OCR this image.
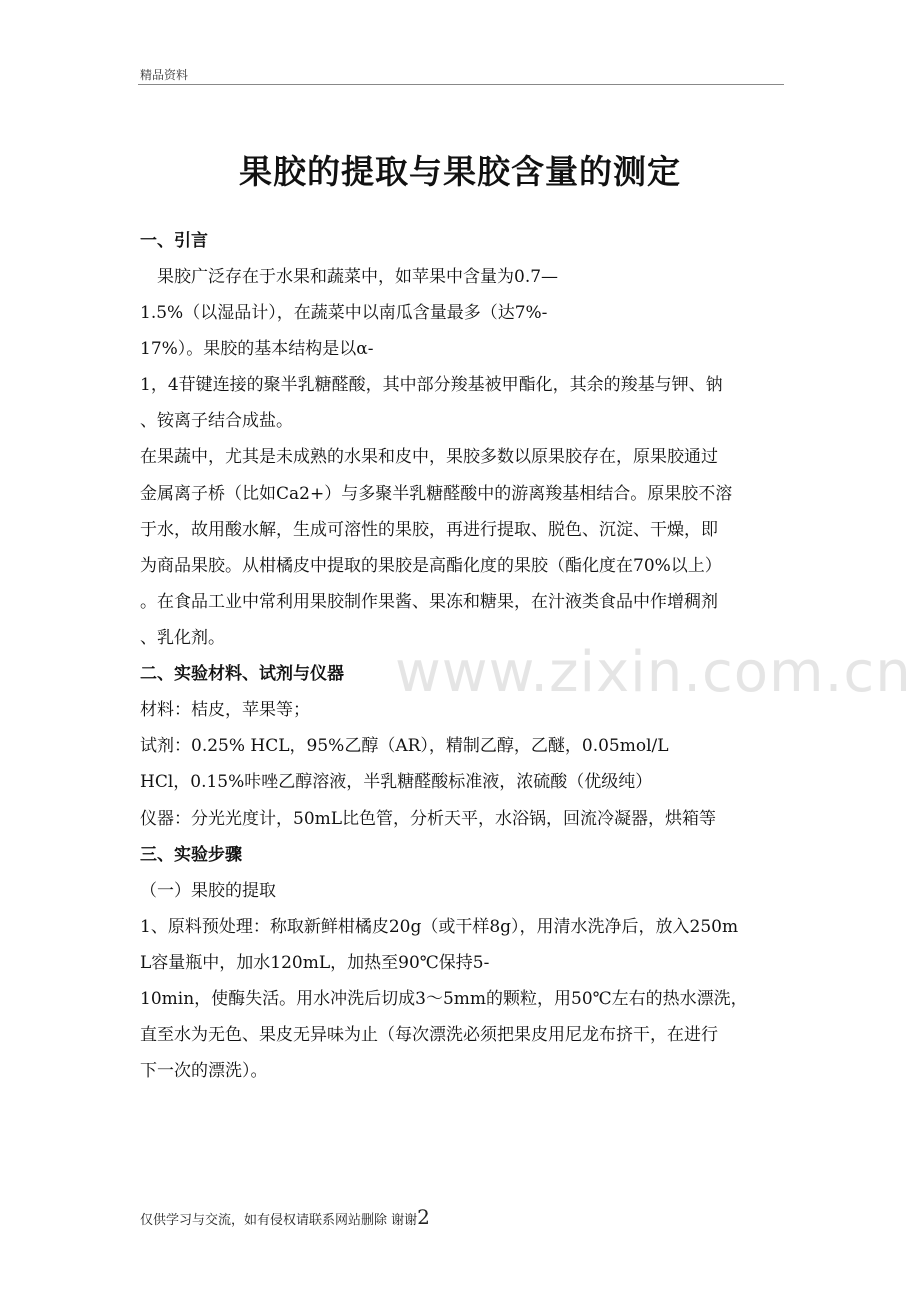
精品资料
果胶的提取与果胶含量的测定
一、引言
　果胶广泛存在于水果和蔬菜中，如苹果中含量为0.7—
1.5%（以湿品计），在蔬菜中以南瓜含量最多（达7%-
17%）。果胶的基本结构是以α-
1，4苷键连接的聚半乳糖醛酸，其中部分羧基被甲酯化，其余的羧基与钾、钠
、铵离子结合成盐。
在果蔬中，尤其是未成熟的水果和皮中，果胶多数以原果胶存在，原果胶通过
金属离子桥（比如Ca2+）与多聚半乳糖醛酸中的游离羧基相结合。原果胶不溶
于水，故用酸水解，生成可溶性的果胶，再进行提取、脱色、沉淀、干燥，即
为商品果胶。从柑橘皮中提取的果胶是高酯化度的果胶（酯化度在70%以上）
。在食品工业中常利用果胶制作果酱、果冻和糖果，在汁液类食品中作增稠剂
、乳化剂。
二、实验材料、试剂与仪器
材料：桔皮，苹果等；
试剂：0.25% HCL，95%乙醇（AR），精制乙醇，乙醚，0.05mol/L
HCl，0.15%咔唑乙醇溶液，半乳糖醛酸标准液，浓硫酸（优级纯）
仪器：分光光度计，50mL比色管，分析天平，水浴锅，回流冷凝器，烘箱等
三、实验步骤
（一）果胶的提取
1、原料预处理：称取新鲜柑橘皮20g（或干样8g），用清水洗净后，放入250m
L容量瓶中，加水120mL，加热至90℃保持5-
10min，使酶失活。用水冲洗后切成3～5mm的颗粒，用50℃左右的热水漂洗，
直至水为无色、果皮无异味为止（每次漂洗必须把果皮用尼龙布挤干，在进行
下一次的漂洗）。
www.zixin.com.cn
仅供学习与交流，如有侵权请联系网站删除 谢谢2
